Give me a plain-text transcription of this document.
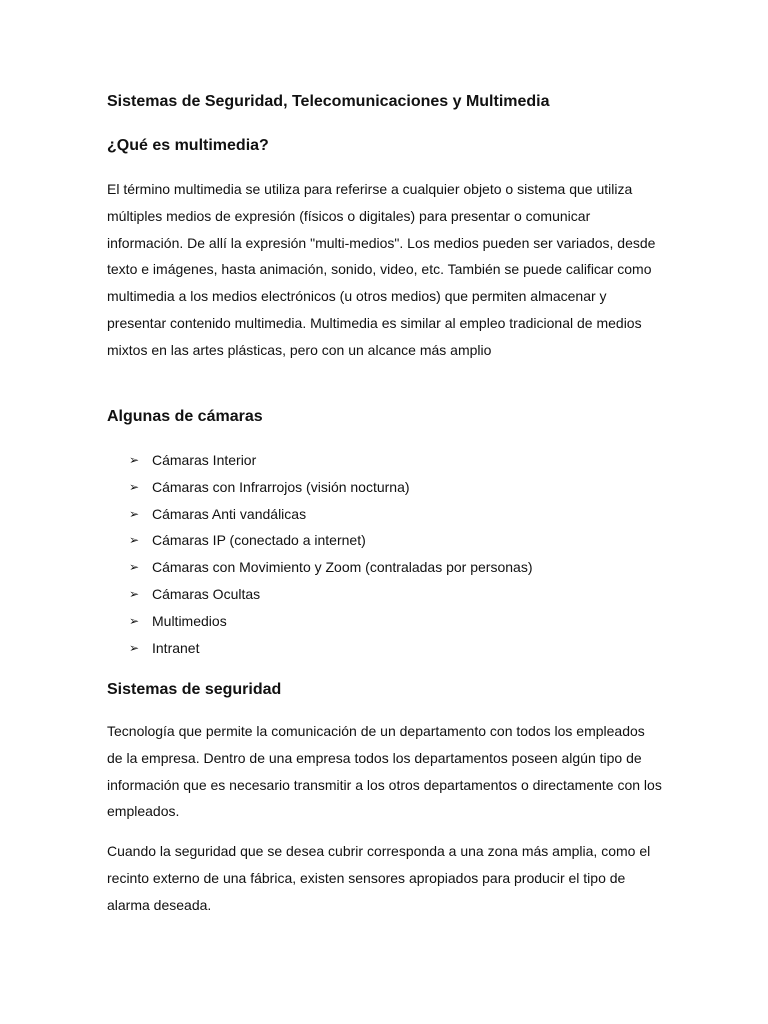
Sistemas de Seguridad, Telecomunicaciones y Multimedia
¿Qué es multimedia?

El término multimedia se utiliza para referirse a cualquier objeto o sistema que utiliza múltiples medios de expresión (físicos o digitales) para presentar o comunicar información. De allí la expresión "multi-medios". Los medios pueden ser variados, desde texto e imágenes, hasta animación, sonido, video, etc. También se puede calificar como multimedia a los medios electrónicos (u otros medios) que permiten almacenar y presentar contenido multimedia. Multimedia es similar al empleo tradicional de medios mixtos en las artes plásticas, pero con un alcance más amplio

Algunas de cámaras
➢ Cámaras Interior
➢ Cámaras con Infrarrojos (visión nocturna)
➢ Cámaras Anti vandálicas
➢ Cámaras IP (conectado a internet)
➢ Cámaras con Movimiento y Zoom (contraladas por personas)
➢ Cámaras Ocultas
➢ Multimedios
➢ Intranet
Sistemas de seguridad

Tecnología que permite la comunicación de un departamento con todos los empleados de la empresa. Dentro de una empresa todos los departamentos poseen algún tipo de información que es necesario transmitir a los otros departamentos o directamente con los empleados.

Cuando la seguridad que se desea cubrir corresponda a una zona más amplia, como el recinto externo de una fábrica, existen sensores apropiados para producir el tipo de alarma deseada.
